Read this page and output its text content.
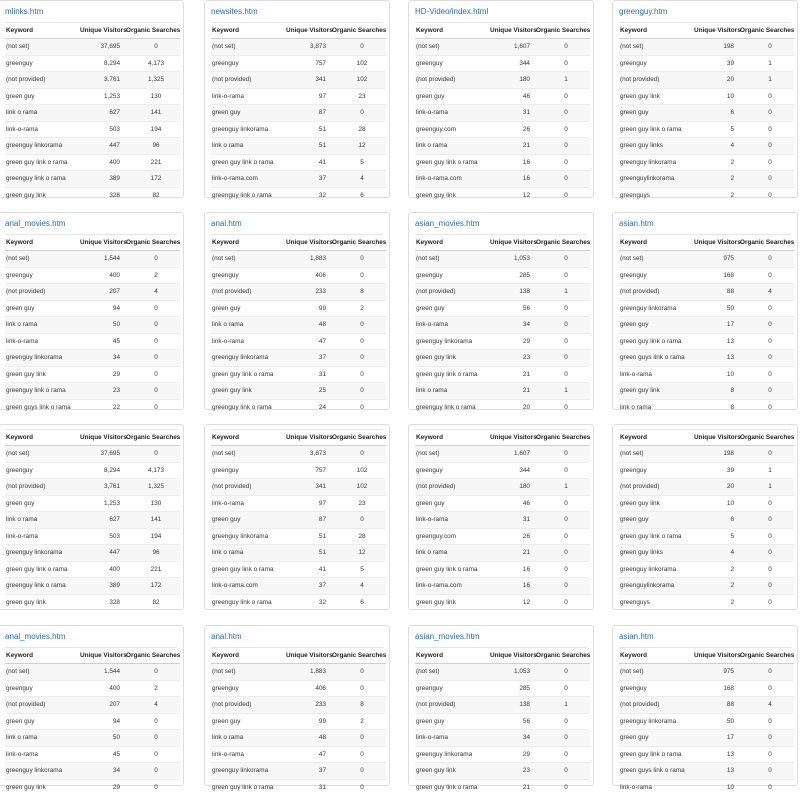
mlinks.htm
Keyword	Unique Visitors	Organic Searches
(not set)	37,695	0
greenguy	8,294	4,173
(not provided)	3,761	1,325
green guy	1,253	130
link o rama	627	141
link-o-rama	503	194
greenguy linkorama	447	96
green guy link o rama	400	221
greenguy link o rama	389	172
green guy link	328	82
newsites.htm
Keyword	Unique Visitors	Organic Searches
(not set)	3,873	0
greenguy	757	102
(not provided)	341	102
link-o-rama	97	23
green guy	87	0
greenguy linkorama	51	28
link o rama	51	12
green guy link o rama	41	5
link-o-rama.com	37	4
greenguy link o rama	32	6
HD-Video/index.html
Keyword	Unique Visitors	Organic Searches
(not set)	1,607	0
greenguy	344	0
(not provided)	180	1
green guy	46	0
link-o-rama	31	0
greenguy.com	26	0
link o rama	21	0
green guy link o rama	16	0
link-o-rama.com	16	0
green guy link	12	0
greenguy.htm
Keyword	Unique Visitors	Organic Searches
(not set)	198	0
greenguy	39	1
(not provided)	20	1
green guy link	10	0
green guy	6	0
green guy link o rama	5	0
green guy links	4	0
greenguy linkorama	2	0
greenguylinkorama	2	0
greenguys	2	0
anal_movies.htm
Keyword	Unique Visitors	Organic Searches
(not set)	1,544	0
greenguy	400	2
(not provided)	207	4
green guy	94	0
link o rama	50	0
link-o-rama	45	0
greenguy linkorama	34	0
green guy link	29	0
greenguy link o rama	23	0
green guys link o rama	22	0
anal.htm
Keyword	Unique Visitors	Organic Searches
(not set)	1,883	0
greenguy	406	0
(not provided)	233	8
green guy	99	2
link o rama	48	0
link-o-rama	47	0
greenguy linkorama	37	0
green guy link o rama	31	0
green guy link	25	0
greenguy link o rama	24	0
asian_movies.htm
Keyword	Unique Visitors	Organic Searches
(not set)	1,053	0
greenguy	285	0
(not provided)	138	1
green guy	56	0
link-o-rama	34	0
greenguy linkorama	29	0
green guy link	23	0
green guy link o rama	21	0
link o rama	21	1
greenguy link o rama	20	0
asian.htm
Keyword	Unique Visitors	Organic Searches
(not set)	975	0
greenguy	168	0
(not provided)	88	4
greenguy linkorama	50	0
green guy	17	0
green guy link o rama	13	0
green guys link o rama	13	0
link-o-rama	10	0
green guy link	8	0
link o rama	8	0
Keyword	Unique Visitors	Organic Searches
(not set)	37,695	0
greenguy	8,294	4,173
(not provided)	3,761	1,325
green guy	1,253	130
link o rama	627	141
link-o-rama	503	194
greenguy linkorama	447	96
green guy link o rama	400	221
greenguy link o rama	389	172
green guy link	328	82
Keyword	Unique Visitors	Organic Searches
(not set)	3,873	0
greenguy	757	102
(not provided)	341	102
link-o-rama	97	23
green guy	87	0
greenguy linkorama	51	28
link o rama	51	12
green guy link o rama	41	5
link-o-rama.com	37	4
greenguy link o rama	32	6
Keyword	Unique Visitors	Organic Searches
(not set)	1,607	0
greenguy	344	0
(not provided)	180	1
green guy	46	0
link-o-rama	31	0
greenguy.com	26	0
link o rama	21	0
green guy link o rama	16	0
link-o-rama.com	16	0
green guy link	12	0
Keyword	Unique Visitors	Organic Searches
(not set)	198	0
greenguy	39	1
(not provided)	20	1
green guy link	10	0
green guy	6	0
green guy link o rama	5	0
green guy links	4	0
greenguy linkorama	2	0
greenguylinkorama	2	0
greenguys	2	0
anal_movies.htm
Keyword	Unique Visitors	Organic Searches
(not set)	1,544	0
greenguy	400	2
(not provided)	207	4
green guy	94	0
link o rama	50	0
link-o-rama	45	0
greenguy linkorama	34	0
green guy link	29	0
anal.htm
Keyword	Unique Visitors	Organic Searches
(not set)	1,883	0
greenguy	406	0
(not provided)	233	8
green guy	99	2
link o rama	48	0
link-o-rama	47	0
greenguy linkorama	37	0
green guy link o rama	31	0
asian_movies.htm
Keyword	Unique Visitors	Organic Searches
(not set)	1,053	0
greenguy	285	0
(not provided)	138	1
green guy	56	0
link-o-rama	34	0
greenguy linkorama	29	0
green guy link	23	0
green guy link o rama	21	0
asian.htm
Keyword	Unique Visitors	Organic Searches
(not set)	975	0
greenguy	168	0
(not provided)	88	4
greenguy linkorama	50	0
green guy	17	0
green guy link o rama	13	0
green guys link o rama	13	0
link-o-rama	10	0
